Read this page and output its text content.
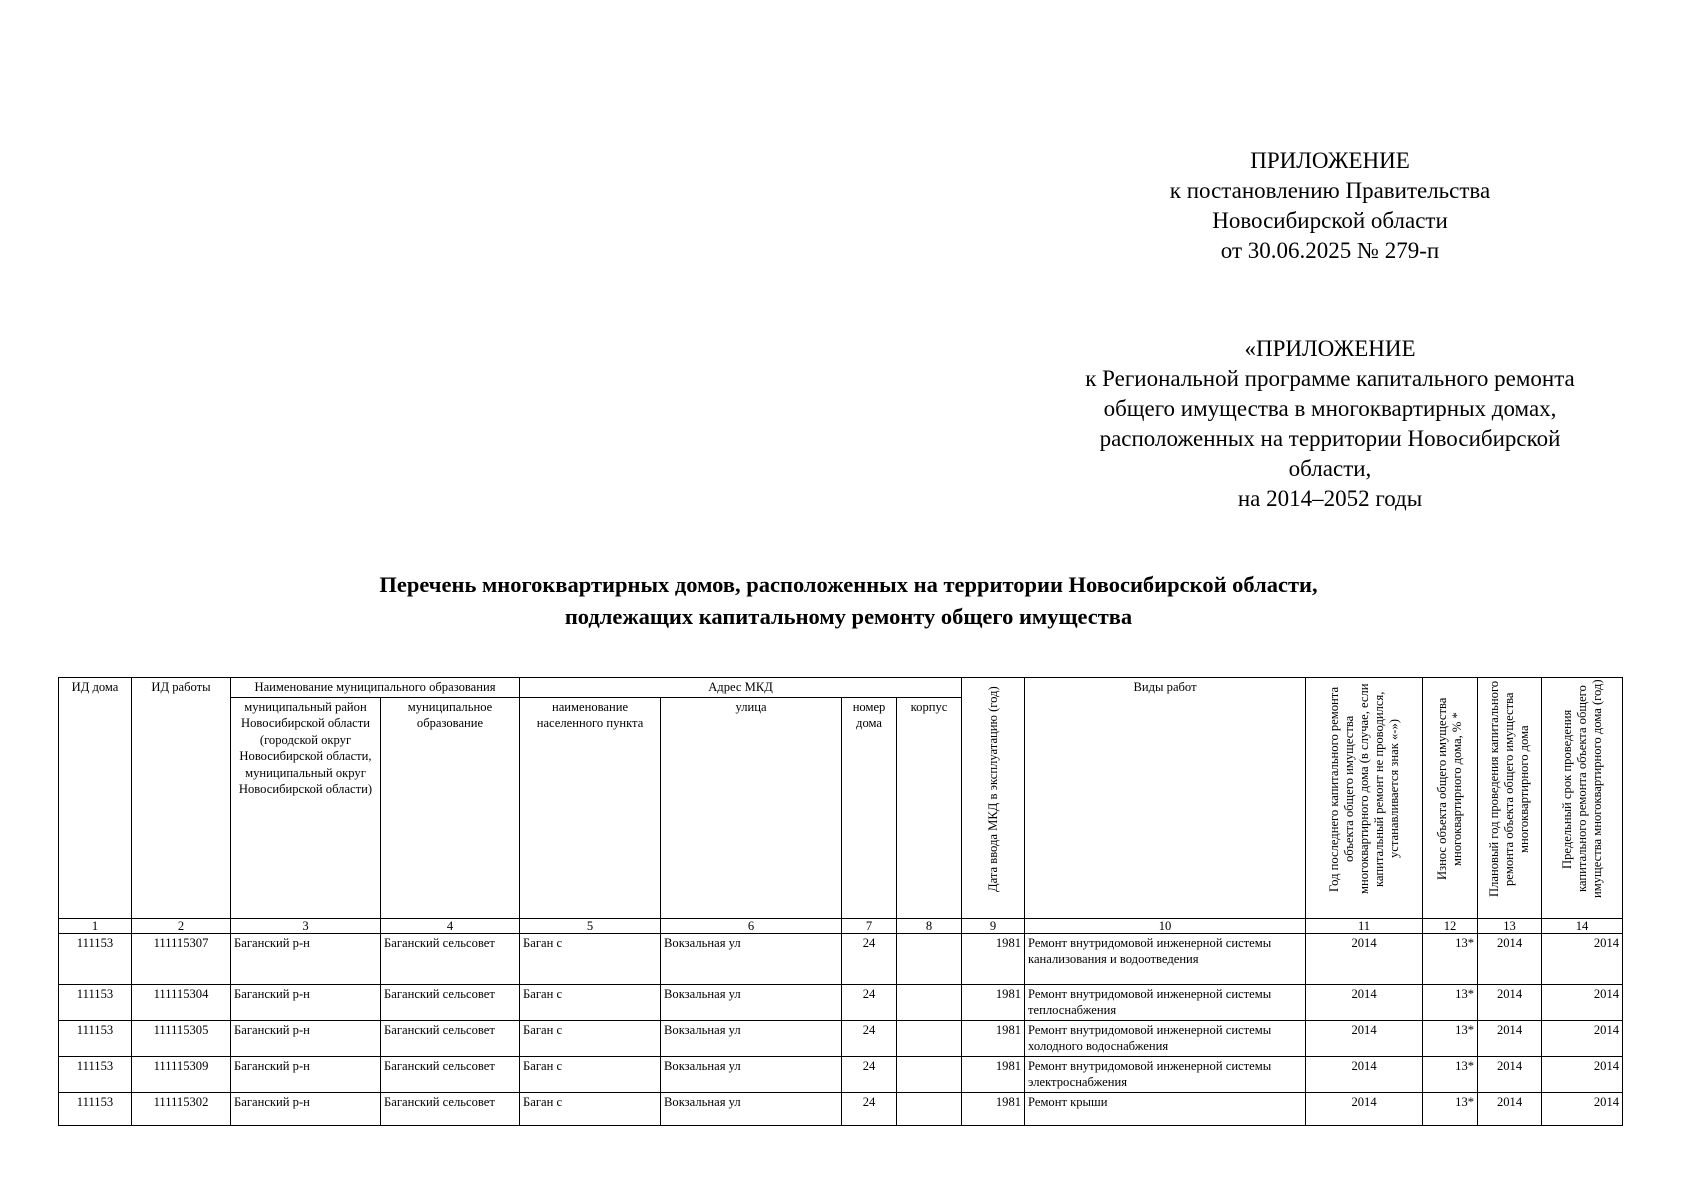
ПРИЛОЖЕНИЕ
к постановлению Правительства
Новосибирской области
от 30.06.2025 № 279-п
«ПРИЛОЖЕНИЕ
к Региональной программе капитального ремонта
общего имущества в многоквартирных домах,
расположенных на территории Новосибирской
области,
на 2014–2052 годы
Перечень многоквартирных домов, расположенных на территории Новосибирской области,
подлежащих капитальному ремонту общего имущества
ИД дома	ИД работы	Наименование муниципального образования		Адрес МКД				Дата ввода МКД в эксплуатацию (год)	Виды работ	Год последнего капитального ремонта объекта общего имущества многоквартирного дома (в случае, если капитальный ремонт не проводился, устанавливается знак «-»)	Износ объекта общего имущества многоквартирного дома, % *	Плановый год проведения капитального ремонта объекта общего имущества многоквартирного дома	Предельный срок проведения капитального ремонта объекта общего имущества многоквартирного дома (год)

		муниципальный район Новосибирской области (городской округ Новосибирской области, муниципальный округ Новосибирской области)	муниципальное образование	наименование населенного пункта	улица	номер дома	корпус						
1	2	3	4	5	6	7	8	9	10	11	12	13	14
111153	111115307	Баганский р-н	Баганский сельсовет	Баган с	Вокзальная ул	24		1981	Ремонт внутридомовой инженерной системы канализования и водоотведения	2014	13*	2014	2014
111153	111115304	Баганский р-н	Баганский сельсовет	Баган с	Вокзальная ул	24		1981	Ремонт внутридомовой инженерной системы теплоснабжения	2014	13*	2014	2014
111153	111115305	Баганский р-н	Баганский сельсовет	Баган с	Вокзальная ул	24		1981	Ремонт внутридомовой инженерной системы холодного водоснабжения	2014	13*	2014	2014
111153	111115309	Баганский р-н	Баганский сельсовет	Баган с	Вокзальная ул	24		1981	Ремонт внутридомовой инженерной системы электроснабжения	2014	13*	2014	2014
111153	111115302	Баганский р-н	Баганский сельсовет	Баган с	Вокзальная ул	24		1981	Ремонт крыши	2014	13*	2014	2014
